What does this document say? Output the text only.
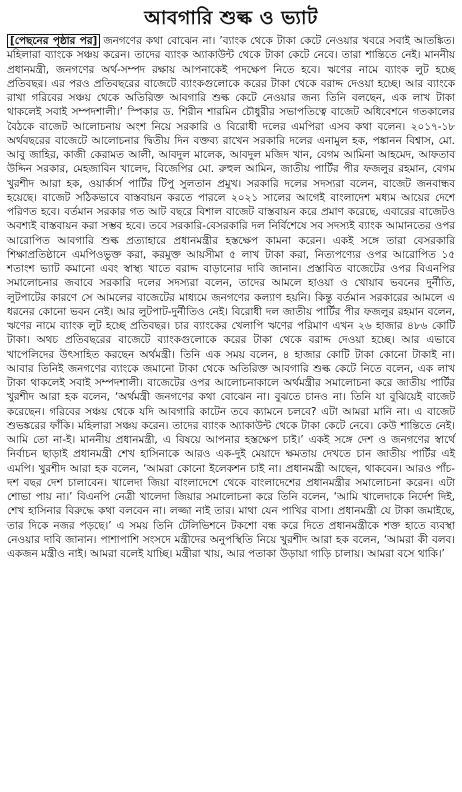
আবগারি শুল্ক ও ভ্যাট

[পেছনের পৃষ্ঠার পর] জনগণের কথা বোঝেন না। ’ব্যাংক থেকে টাকা কেটে নেওয়ার খবরে সবাই আতঙ্কিত। মহিলারা ব্যাংকে সঞ্চয় করেন। তাদের ব্যাংক অ্যাকাউন্ট থেকে টাকা কেটে নেবে। তারা শান্তিতে নেই। মাননীয় প্রধানমন্ত্রী, জনগণের অর্থ-সম্পদ রক্ষায় আপনাকেই পদক্ষেপ নিতে হবে। ঋণের নামে ব্যাংক লুট হচ্ছে প্রতিবছর। এর পরও প্রতিবছরের বাজেটে ব্যাংকগুলোকে করের টাকা থেকে বরাদ্দ দেওয়া হচ্ছে। আর ব্যাংকে রাখা গরিবের সঞ্চয় থেকে অতিরিক্ত আবগারি শুল্ক কেটে নেওয়ার জন্য তিনি বলছেন, এক লাখ টাকা থাকলেই সবাই সম্পদশালী।’ স্পিকার ড. শিরীন শারমিন চৌধুরীর সভাপতিত্বে বাজেট অধিবেশনে গতকালের বৈঠকে বাজেট আলোচনায় অংশ নিয়ে সরকারি ও বিরোধী দলের এমপিরা এসব কথা বলেন। ২০১৭-১৮ অর্থবছরের বাজেটে আলোচনার দ্বিতীয় দিন বক্তব্য রাখেন সরকারি দলের এনামুল হক, পঙ্কানন বিশ্বাস, মো. আবু জাহির, কাজী কেরামত আলী, আবদুল মালেক, আবদুল মজিদ খান, বেগম আমিনা আহমেদ, আফতাব উদ্দিন সরকার, মেহজাবিন খালেদ, বিজেপির মো. রুহুল আমিন, জাতীয় পার্টির পীর ফজলুর রহমান, বেগম খুরশীদ আরা হক, ওয়ার্কার্স পার্টির টিপু সুলতান প্রমুখ। সরকারি দলের সদস্যরা বলেন, বাজেট জনবান্ধব হয়েছে। বাজেট সঠিকভাবে বাস্তবায়ন করতে পারলে ২০২১ সালের আগেই বাংলাদেশ মধ্যম আয়ের দেশে পরিণত হবে। বর্তমান সরকার গত আট বছরে বিশাল বাজেট বাস্তবায়ন করে প্রমাণ করেছে, এবারের বাজেটও অবশ্যই বাস্তবায়ন করা সম্ভব হবে। তবে সরকারি-বেসরকারি দল নির্বিশেষে সব সদস্যই ব্যাংক আমানতের ওপর আরোপিত আবগারি শুল্ক প্রত্যাহারে প্রধানমন্ত্রীর হস্তক্ষেপ কামনা করেন। একই সঙ্গে তারা বেসরকারি শিক্ষাপ্রতিষ্ঠানে এমপিওভুক্ত করা, করমুক্ত আয়সীমা ৫ লাখ টাকা করা, নিত্যপণ্যের ওপর আরোপিত ১৫ শতাংশ ভ্যাট কমানো এবং স্বাস্থ্য খাতে বরাদ্দ বাড়ানোর দাবি জানান। প্রস্তাবিত বাজেটের ওপর বিএনপির সমালোচনার জবাবে সরকারি দলের সদস্যরা বলেন, তাদের আমলে হাওয়া ও খোয়াব ভবনের দুর্নীতি, লুটপাটের কারণে সে আমলের বাজেটের মাধ্যমে জনগণের কল্যাণ হয়নি। কিন্তু বর্তমান সরকারের আমলে এ ধরনের কোনো ভবন নেই। আর লুটপাট-দুর্নীতিও নেই। বিরোধী দল জাতীয় পার্টির পীর ফজলুর রহমান বলেন, ঋণের নামে ব্যাংক লুট হচ্ছে প্রতিবছর। চার ব্যাংকের খেলাপি ঋণের পরিমাণ এখন ২৬ হাজার ৪৮৬ কোটি টাকা। অথচ প্রতিবছরের বাজেটে ব্যাংকগুলোকে করের টাকা থেকে বরাদ্দ দেওয়া হচ্ছে। আর এভাবে খাপেলিদের উৎসাহিত করছেন অর্থমন্ত্রী। তিনি এক সময় বলেন, ৪ হাজার কোটি টাকা কোনো টাকাই না। আবার তিনিই জনগণের ব্যাংকে জমানো টাকা থেকে অতিরিক্ত আবগারি শুল্ক কেটে নিতে বলেন, এক লাখ টাকা থাকলেই সবাই সম্পদশালী। বাজেটের ওপর আলোচনাকালে অর্থমন্ত্রীর সমালোচনা করে জাতীয় পার্টির খুরশীদ আরা হক বলেন, ‘অর্থমন্ত্রী জনগণের কথা বোঝেন না। বুঝতে চানও না। তিনি যা বুঝিয়েই বাজেট করেছেন। গরিবের সঞ্চয় থেকে যদি আবগারি কাটেন তবে ক্যামনে চলবে? এটা আমরা মানি না। এ বাজেট শুভঙ্করের ফাঁকি। মহিলারা সঞ্চয় করেন। তাদের ব্যাংক অ্যাকাউন্ট থেকে টাকা কেটে নেবে। কেউ শান্তিতে নেই। আমি তো না-ই। মাননীয় প্রধানমন্ত্রী, এ বিষয়ে আপনার হস্তক্ষেপ চাই।’ একই সঙ্গে দেশ ও জনগণের স্বার্থে নির্বাচন ছাড়াই প্রধানমন্ত্রী শেখ হাসিনাকে আরও এক-দুই মেয়াদে ক্ষমতায় দেখতে চান জাতীয় পার্টির এই এমপি। খুরশীদ আরা হক বলেন, ‘আমরা কোনো ইলেকশন চাই না। প্রধানমন্ত্রী আছেন, থাকবেন। আরও পাঁচ-দশ বছর দেশ চালাবেন। খালেদা জিয়া বাংলাদেশে থেকে বাংলাদেশের প্রধানমন্ত্রীর সমালোচনা করেন। এটা শোভা পায় না।’ বিএনপি নেত্রী খালেদা জিয়ার সমালোচনা করে তিনি বলেন, ‘আমি খালেদাকে নির্দেশ দিই, শেখ হাসিনার বিরুদ্ধে কথা বলবেন না। লজ্জা নাই তার। মাথা যেন পাখির বাসা। প্রধানমন্ত্রী যে টাকা জমাইছে, তার দিকে নজর পড়ছে।’ এ সময় তিনি টেলিভিশনে টকশো বন্ধ করে দিতে প্রধানমন্ত্রীকে শক্ত হাতে ব্যবস্থা নেওয়ার দাবি জানান। পাশাপাশি সংসদে মন্ত্রীদের অনুপস্থিতি নিয়ে খুরশীদ আরা হক বলেন, ‘আমরা কী বলব। একজন মন্ত্রীও নাই। আমরা বলেই যাচ্ছি। মন্ত্রীরা খায়, আর পতাকা উড়ায়া গাড়ি চালায়। আমরা বসে থাকি।’
